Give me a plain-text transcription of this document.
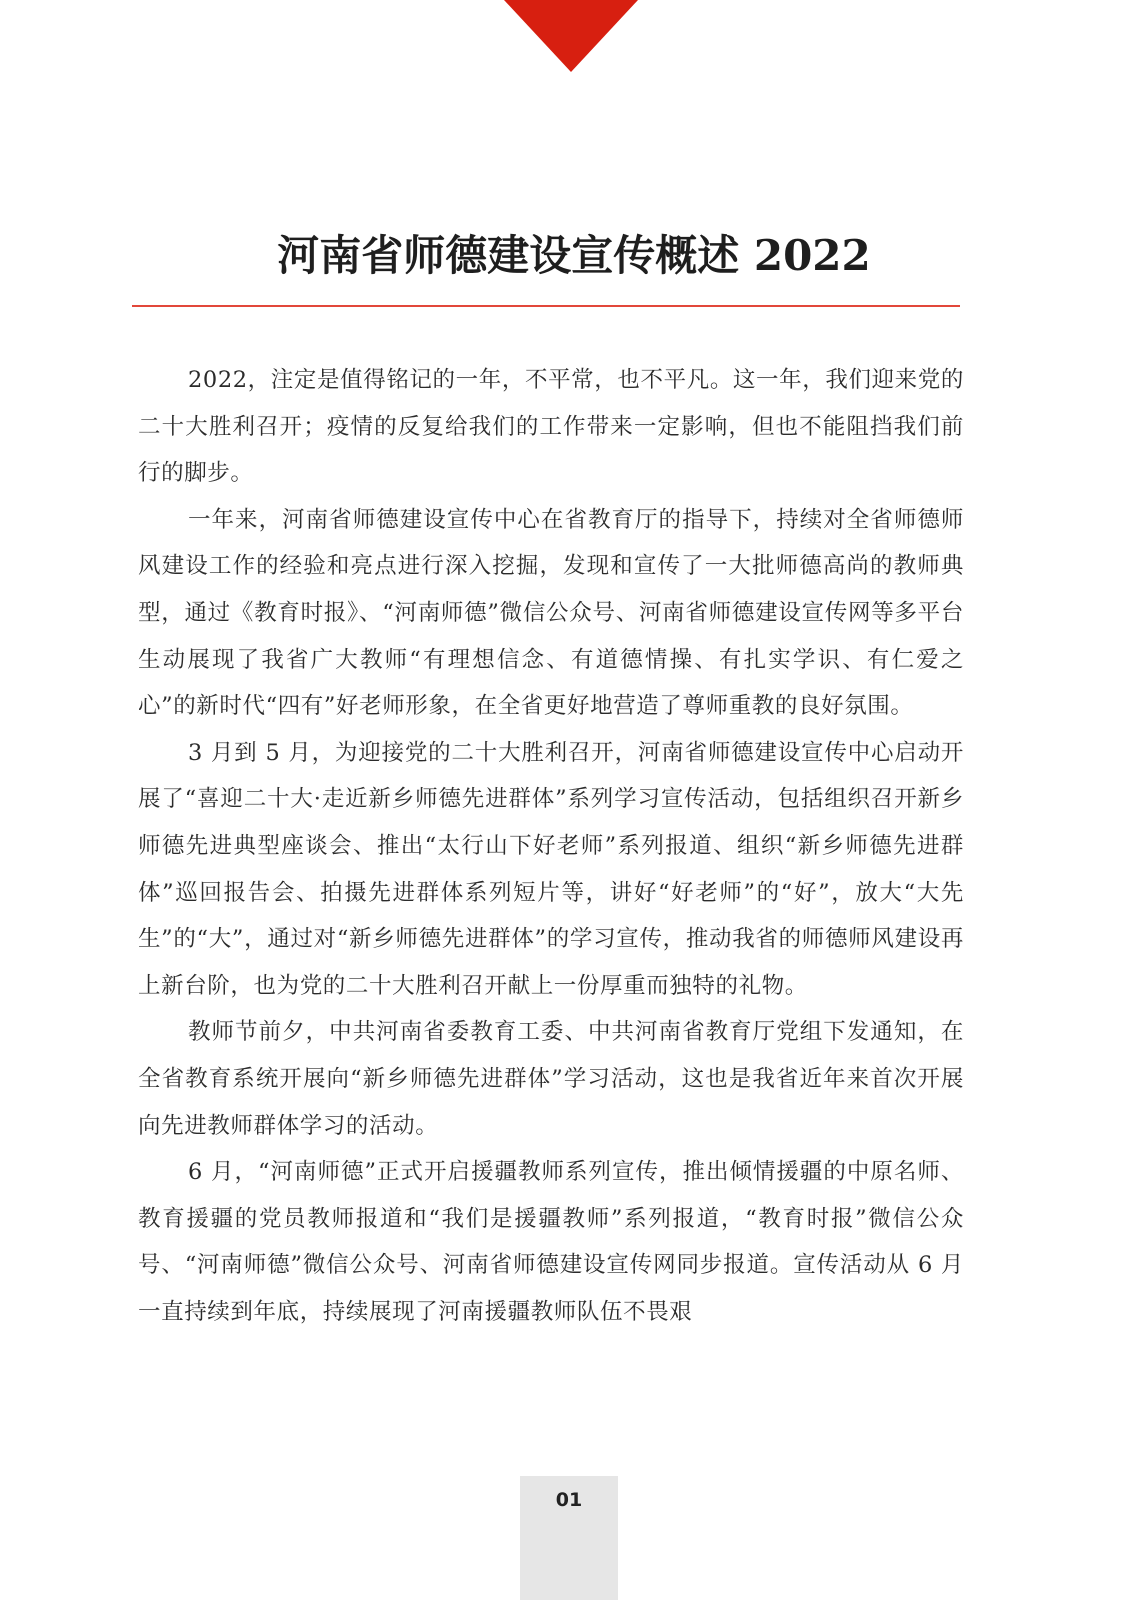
河南省师德建设宣传概述 2022

2022，注定是值得铭记的一年，不平常，也不平凡。这一年，我们迎来党的二十大胜利召开；疫情的反复给我们的工作带来一定影响，但也不能阻挡我们前行的脚步。

一年来，河南省师德建设宣传中心在省教育厅的指导下，持续对全省师德师风建设工作的经验和亮点进行深入挖掘，发现和宣传了一大批师德高尚的教师典型，通过《教育时报》、“河南师德”微信公众号、河南省师德建设宣传网等多平台生动展现了我省广大教师“有理想信念、有道德情操、有扎实学识、有仁爱之心”的新时代“四有”好老师形象，在全省更好地营造了尊师重教的良好氛围。

3 月到 5 月，为迎接党的二十大胜利召开，河南省师德建设宣传中心启动开展了“喜迎二十大·走近新乡师德先进群体”系列学习宣传活动，包括组织召开新乡师德先进典型座谈会、推出“太行山下好老师”系列报道、组织“新乡师德先进群体”巡回报告会、拍摄先进群体系列短片等，讲好“好老师”的“好”，放大“大先生”的“大”，通过对“新乡师德先进群体”的学习宣传，推动我省的师德师风建设再上新台阶，也为党的二十大胜利召开献上一份厚重而独特的礼物。

教师节前夕，中共河南省委教育工委、中共河南省教育厅党组下发通知，在全省教育系统开展向“新乡师德先进群体”学习活动，这也是我省近年来首次开展向先进教师群体学习的活动。

6 月，“河南师德”正式开启援疆教师系列宣传，推出倾情援疆的中原名师、教育援疆的党员教师报道和“我们是援疆教师”系列报道，“教育时报”微信公众号、“河南师德”微信公众号、河南省师德建设宣传网同步报道。宣传活动从 6 月一直持续到年底，持续展现了河南援疆教师队伍不畏艰

01
